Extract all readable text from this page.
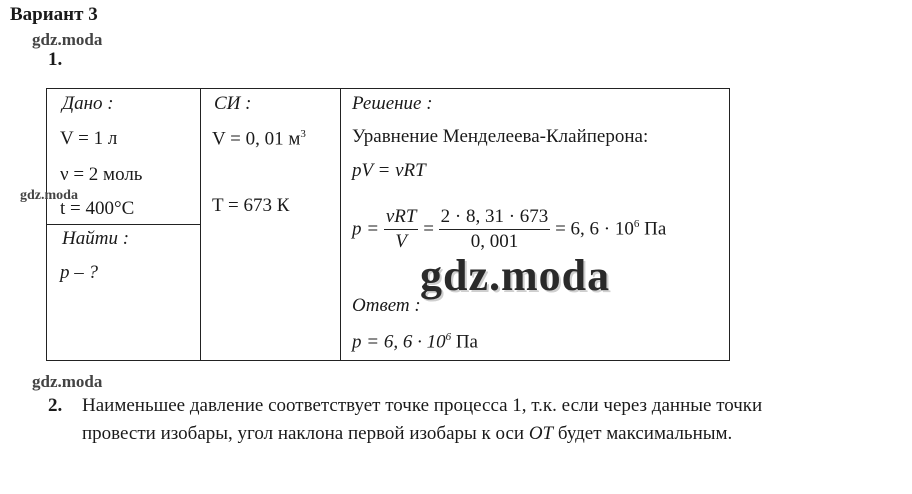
Вариант 3
gdz.moda
1.
Дано :
V = 1 л
ν = 2 моль
t = 400°C
gdz.moda
Найти :
p – ?
СИ :
V = 0, 01 $м^3$
T = 673 К
Решение :
Уравнение Менделеева-Клайперона:
pV = νRT
$p = \frac{\text{νRT}}{V} = \frac{2 \cdot 8, 31 \cdot 673}{0, 001} = 6$, $6 \cdot 10^6$ Па
gdz.moda
Ответ :
p = 6, $6 \cdot 10^6$ Па
gdz.moda
2. Наименьшее давление соответствует точке процесса 1, т.к. если через данные точки
провести изобары, угол наклона первой изобары к оси OT будет максимальным.
